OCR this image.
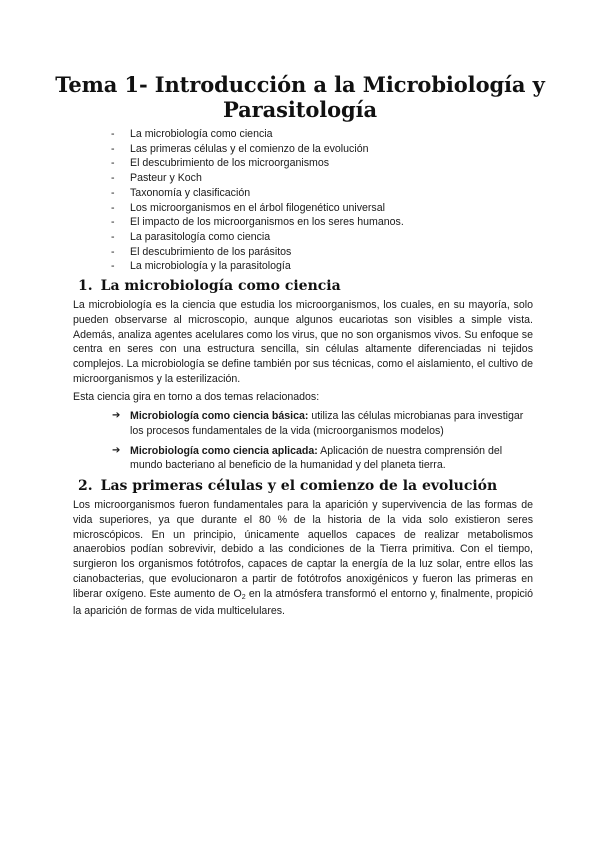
Tema 1- Introducción a la Microbiología y Parasitología
- La microbiología como ciencia
- Las primeras células y el comienzo de la evolución
- El descubrimiento de los microorganismos
- Pasteur y Koch
- Taxonomía y clasificación
- Los microorganismos en el árbol filogenético universal
- El impacto de los microorganismos en los seres humanos.
- La parasitología como ciencia
- El descubrimiento de los parásitos
- La microbiología y la parasitología
1. La microbiología como ciencia

La microbiología es la ciencia que estudia los microorganismos, los cuales, en su mayoría, solo pueden observarse al microscopio, aunque algunos eucariotas son visibles a simple vista. Además, analiza agentes acelulares como los virus, que no son organismos vivos. Su enfoque se centra en seres con una estructura sencilla, sin células altamente diferenciadas ni tejidos complejos. La microbiología se define también por sus técnicas, como el aislamiento, el cultivo de microorganismos y la esterilización.

Esta ciencia gira en torno a dos temas relacionados:

➔ Microbiología como ciencia básica: utiliza las células microbianas para investigar los procesos fundamentales de la vida (microorganismos modelos)
➔ Microbiología como ciencia aplicada: Aplicación de nuestra comprensión del mundo bacteriano al beneficio de la humanidad y del planeta tierra.
2. Las primeras células y el comienzo de la evolución

Los microorganismos fueron fundamentales para la aparición y supervivencia de las formas de vida superiores, ya que durante el 80 % de la historia de la vida solo existieron seres microscópicos. En un principio, únicamente aquellos capaces de realizar metabolismos anaerobios podían sobrevivir, debido a las condiciones de la Tierra primitiva. Con el tiempo, surgieron los organismos fotótrofos, capaces de captar la energía de la luz solar, entre ellos las cianobacterias, que evolucionaron a partir de fotótrofos anoxigénicos y fueron las primeras en liberar oxígeno. Este aumento de $O_2$ en la atmósfera transformó el entorno y, finalmente, propició la aparición de formas de vida multicelulares.
